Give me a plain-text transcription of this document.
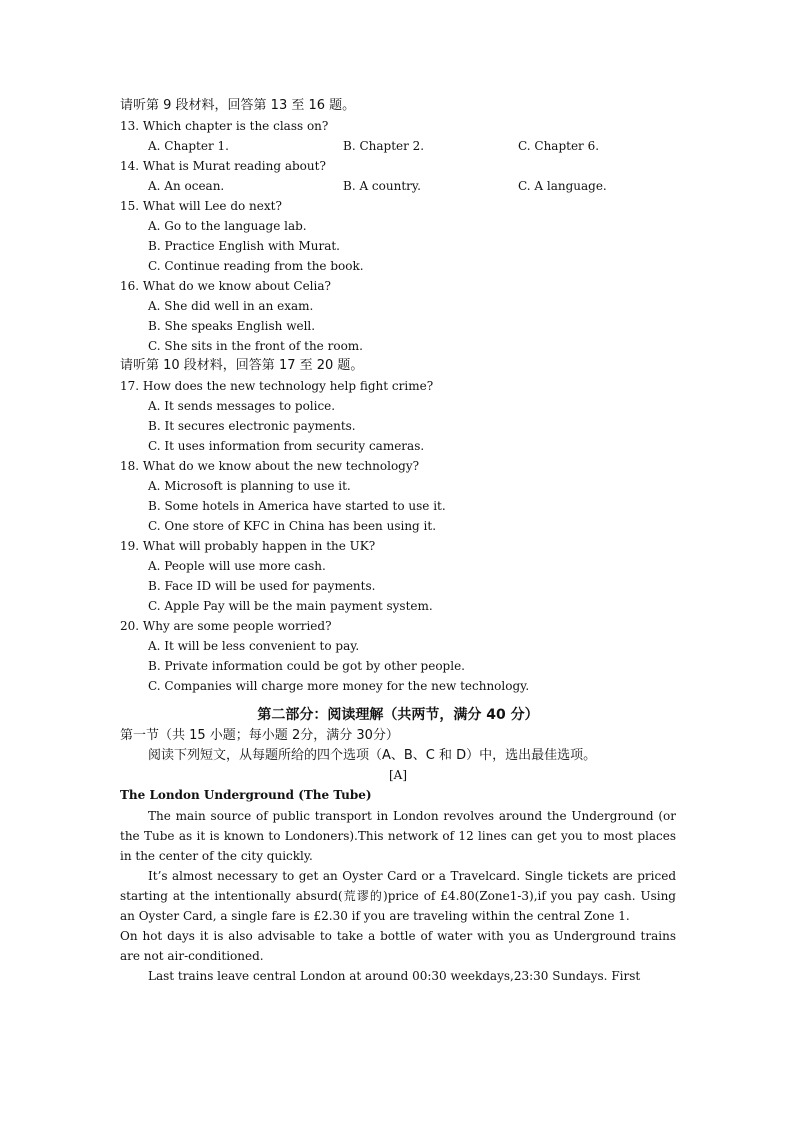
请听第 9 段材料，回答第 13 至 16 题。
13. Which chapter is the class on?
A. Chapter 1.	B. Chapter 2.	C. Chapter 6.
14. What is Murat reading about?
A. An ocean.	B. A country.	C. A language.
15. What will Lee do next?
A. Go to the language lab.
B. Practice English with Murat.
C. Continue reading from the book.
16. What do we know about Celia?
A. She did well in an exam.
B. She speaks English well.
C. She sits in the front of the room.
请听第 10 段材料，回答第 17 至 20 题。
17. How does the new technology help fight crime?
A. It sends messages to police.
B. It secures electronic payments.
C. It uses information from security cameras.
18. What do we know about the new technology?
A. Microsoft is planning to use it.
B. Some hotels in America have started to use it.
C. One store of KFC in China has been using it.
19. What will probably happen in the UK?
A. People will use more cash.
B. Face ID will be used for payments.
C. Apple Pay will be the main payment system.
20. Why are some people worried?
A. It will be less convenient to pay.
B. Private information could be got by other people.
C. Companies will charge more money for the new technology.
第二部分：阅读理解（共两节，满分 40 分）
第一节（共 15 小题；每小题 2分，满分 30分）
阅读下列短文，从每题所给的四个选项（A、B、C 和 D）中，选出最佳选项。
[A]
The London Underground (The Tube)
The main source of public transport in London revolves around the Underground (or the Tube as it is known to Londoners).This network of 12 lines can get you to most places in the center of the city quickly.
It’s almost necessary to get an Oyster Card or a Travelcard. Single tickets are priced starting at the intentionally absurd(荒谬的)price of £4.80(Zone1-3),if you pay cash. Using an Oyster Card, a single fare is £2.30 if you are traveling within the central Zone 1.
On hot days it is also advisable to take a bottle of water with you as Underground trains are not air-conditioned.
Last trains leave central London at around 00:30 weekdays,23:30 Sundays. First
